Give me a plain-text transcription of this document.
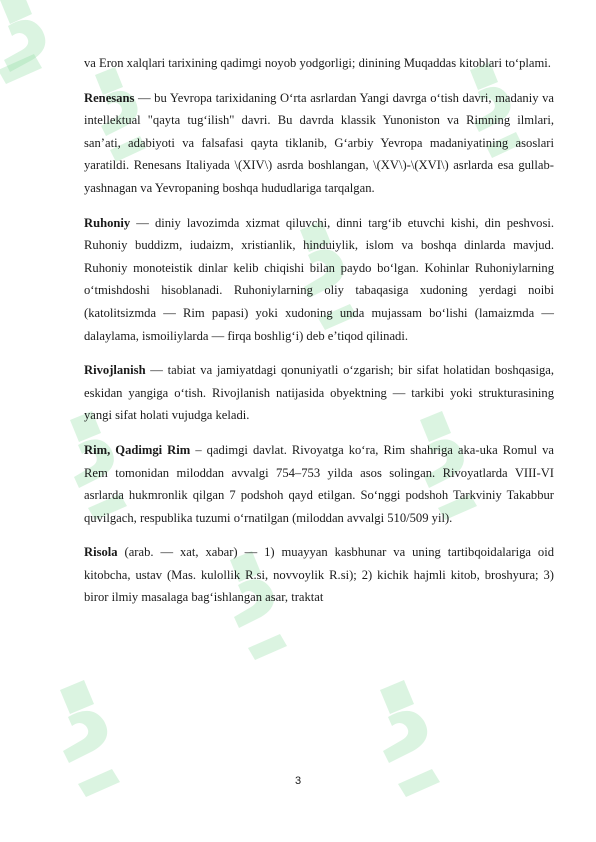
va Eron xalqlari tarixining qadimgi noyob yodgorligi; dinining Muqaddas kitoblari to‘plami.

Renesans — bu Yevropa tarixidaning O‘rta asrlardan Yangi davrga o‘tish davri, madaniy va intellektual "qayta tug‘ilish" davri. Bu davrda klassik Yunoniston va Rimning ilmlari, san’ati, adabiyoti va falsafasi qayta tiklanib, G‘arbiy Yevropa madaniyatining asoslari yaratildi. Renesans Italiyada \(XIV\) asrda boshlangan, \(XV\)-\(XVI\) asrlarda esa gullab-yashnagan va Yevropaning boshqa hududlariga tarqalgan.

Ruhoniy — diniy lavozimda xizmat qiluvchi, dinni targ‘ib etuvchi kishi, din peshvosi. Ruhoniy buddizm, iudaizm, xristianlik, hinduiylik, islom va boshqa dinlarda mavjud. Ruhoniy monoteistik dinlar kelib chiqishi bilan paydo bo‘lgan. Kohinlar Ruhoniylarning o‘tmishdoshi hisoblanadi. Ruhoniylarning oliy tabaqasiga xudoning yerdagi noibi (katolitsizmda — Rim papasi) yoki xudoning unda mujassam bo‘lishi (lamaizmda — dalaylama, ismoiliylarda — firqa boshlig‘i) deb e’tiqod qilinadi.

Rivojlanish — tabiat va jamiyatdagi qonuniyatli o‘zgarish; bir sifat holatidan boshqasiga, eskidan yangiga o‘tish. Rivojlanish natijasida obyektning — tarkibi yoki strukturasining yangi sifat holati vujudga keladi.

Rim, Qadimgi Rim – qadimgi davlat. Rivoyatga ko‘ra, Rim shahriga aka-uka Romul va Rem tomonidan miloddan avvalgi 754–753 yilda asos solingan. Rivoyatlarda VIII-VI asrlarda hukmronlik qilgan 7 podshoh qayd etilgan. So‘nggi podshoh Tarkviniy Takabbur quvilgach, respublika tuzumi o‘rnatilgan (miloddan avvalgi 510/509 yil).

Risola (arab. — xat, xabar) — 1) muayyan kasbhunar va uning tartibqoidalariga oid kitobcha, ustav (Mas. kulollik R.si, novvoylik R.si); 2) kichik hajmli kitob, broshyura; 3) biror ilmiy masalaga bag‘ishlangan asar, traktat

3
